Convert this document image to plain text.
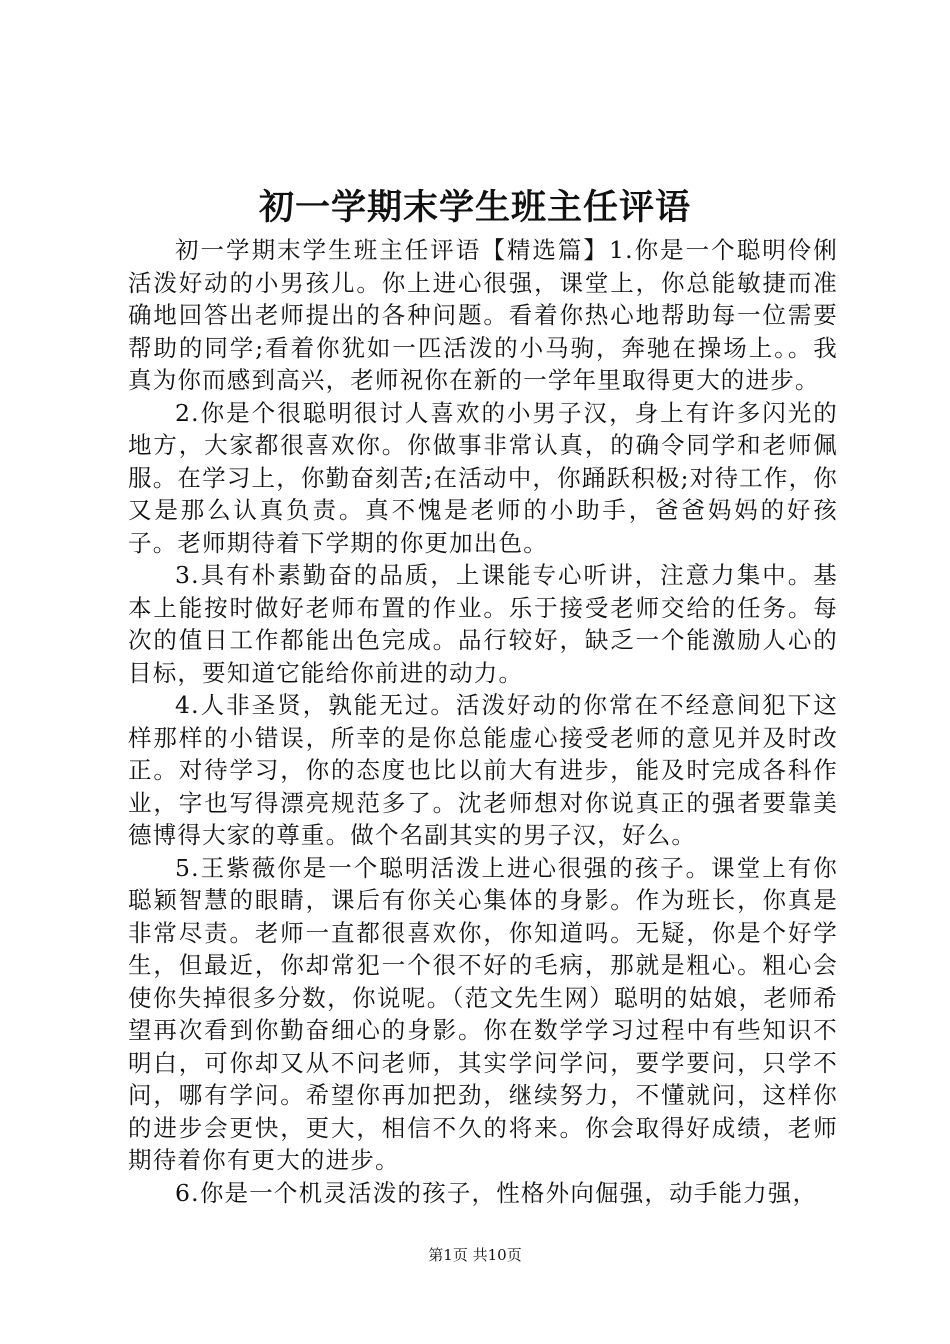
初一学期末学生班主任评语

初一学期末学生班主任评语【精选篇】1.你是一个聪明伶俐活泼好动的小男孩儿。你上进心很强，课堂上，你总能敏捷而准确地回答出老师提出的各种问题。看着你热心地帮助每一位需要帮助的同学;看着你犹如一匹活泼的小马驹，奔驰在操场上。。我真为你而感到高兴，老师祝你在新的一学年里取得更大的进步。

2.你是个很聪明很讨人喜欢的小男子汉，身上有许多闪光的地方，大家都很喜欢你。你做事非常认真，的确令同学和老师佩服。在学习上，你勤奋刻苦;在活动中，你踊跃积极;对待工作，你又是那么认真负责。真不愧是老师的小助手，爸爸妈妈的好孩子。老师期待着下学期的你更加出色。

3.具有朴素勤奋的品质，上课能专心听讲，注意力集中。基本上能按时做好老师布置的作业。乐于接受老师交给的任务。每次的值日工作都能出色完成。品行较好，缺乏一个能激励人心的目标，要知道它能给你前进的动力。

4.人非圣贤，孰能无过。活泼好动的你常在不经意间犯下这样那样的小错误，所幸的是你总能虚心接受老师的意见并及时改正。对待学习，你的态度也比以前大有进步，能及时完成各科作业，字也写得漂亮规范多了。沈老师想对你说真正的强者要靠美德博得大家的尊重。做个名副其实的男子汉，好么。

5.王紫薇你是一个聪明活泼上进心很强的孩子。课堂上有你聪颖智慧的眼睛，课后有你关心集体的身影。作为班长，你真是非常尽责。老师一直都很喜欢你，你知道吗。无疑，你是个好学生，但最近，你却常犯一个很不好的毛病，那就是粗心。粗心会使你失掉很多分数，你说呢。（范文先生网）聪明的姑娘，老师希望再次看到你勤奋细心的身影。你在数学学习过程中有些知识不明白，可你却又从不问老师，其实学问学问，要学要问，只学不问，哪有学问。希望你再加把劲，继续努力，不懂就问，这样你的进步会更快，更大，相信不久的将来。你会取得好成绩，老师期待着你有更大的进步。

6.你是一个机灵活泼的孩子，性格外向倔强，动手能力强，

第1页 共10页
